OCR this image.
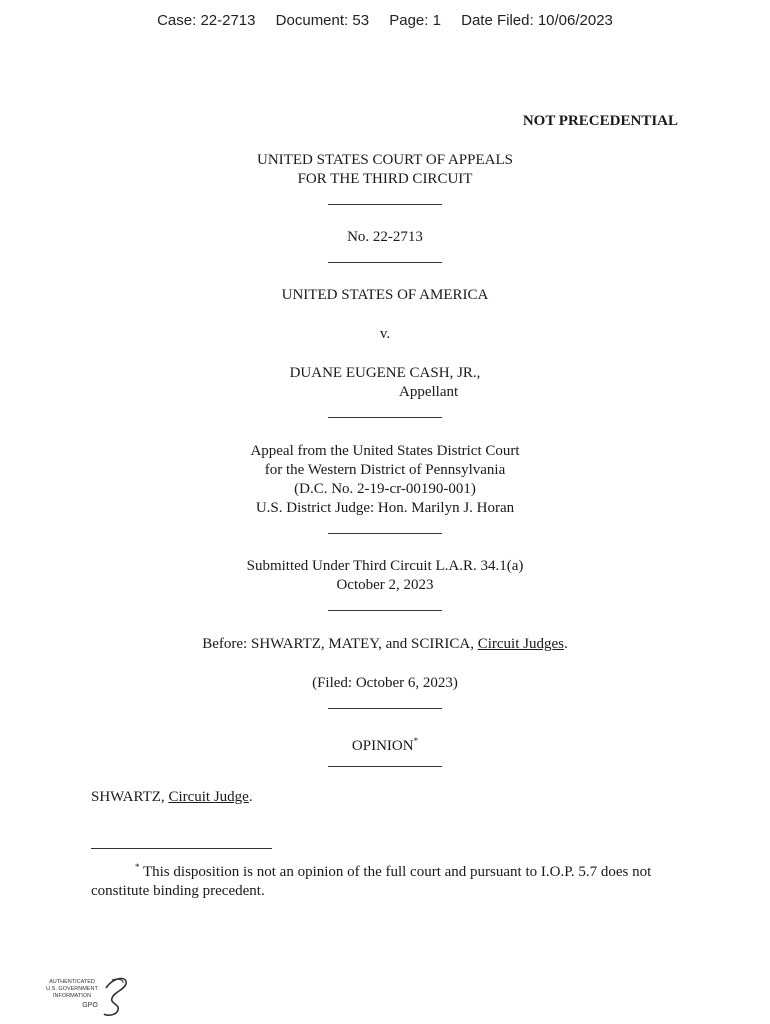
Case: 22-2713 Document: 53 Page: 1 Date Filed: 10/06/2023
NOT PRECEDENTIAL
UNITED STATES COURT OF APPEALS
FOR THE THIRD CIRCUIT
No. 22-2713
UNITED STATES OF AMERICA
v.
DUANE EUGENE CASH, JR.,
Appellant
Appeal from the United States District Court
for the Western District of Pennsylvania
(D.C. No. 2-19-cr-00190-001)
U.S. District Judge: Hon. Marilyn J. Horan
Submitted Under Third Circuit L.A.R. 34.1(a)
October 2, 2023
Before: SHWARTZ, MATEY, and SCIRICA, Circuit Judges.
(Filed: October 6, 2023)
OPINION*
SHWARTZ, Circuit Judge.
* This disposition is not an opinion of the full court and pursuant to I.O.P. 5.7 does not constitute binding precedent.
AUTHENTICATED
U.S. GOVERNMENT
INFORMATION
GPO
